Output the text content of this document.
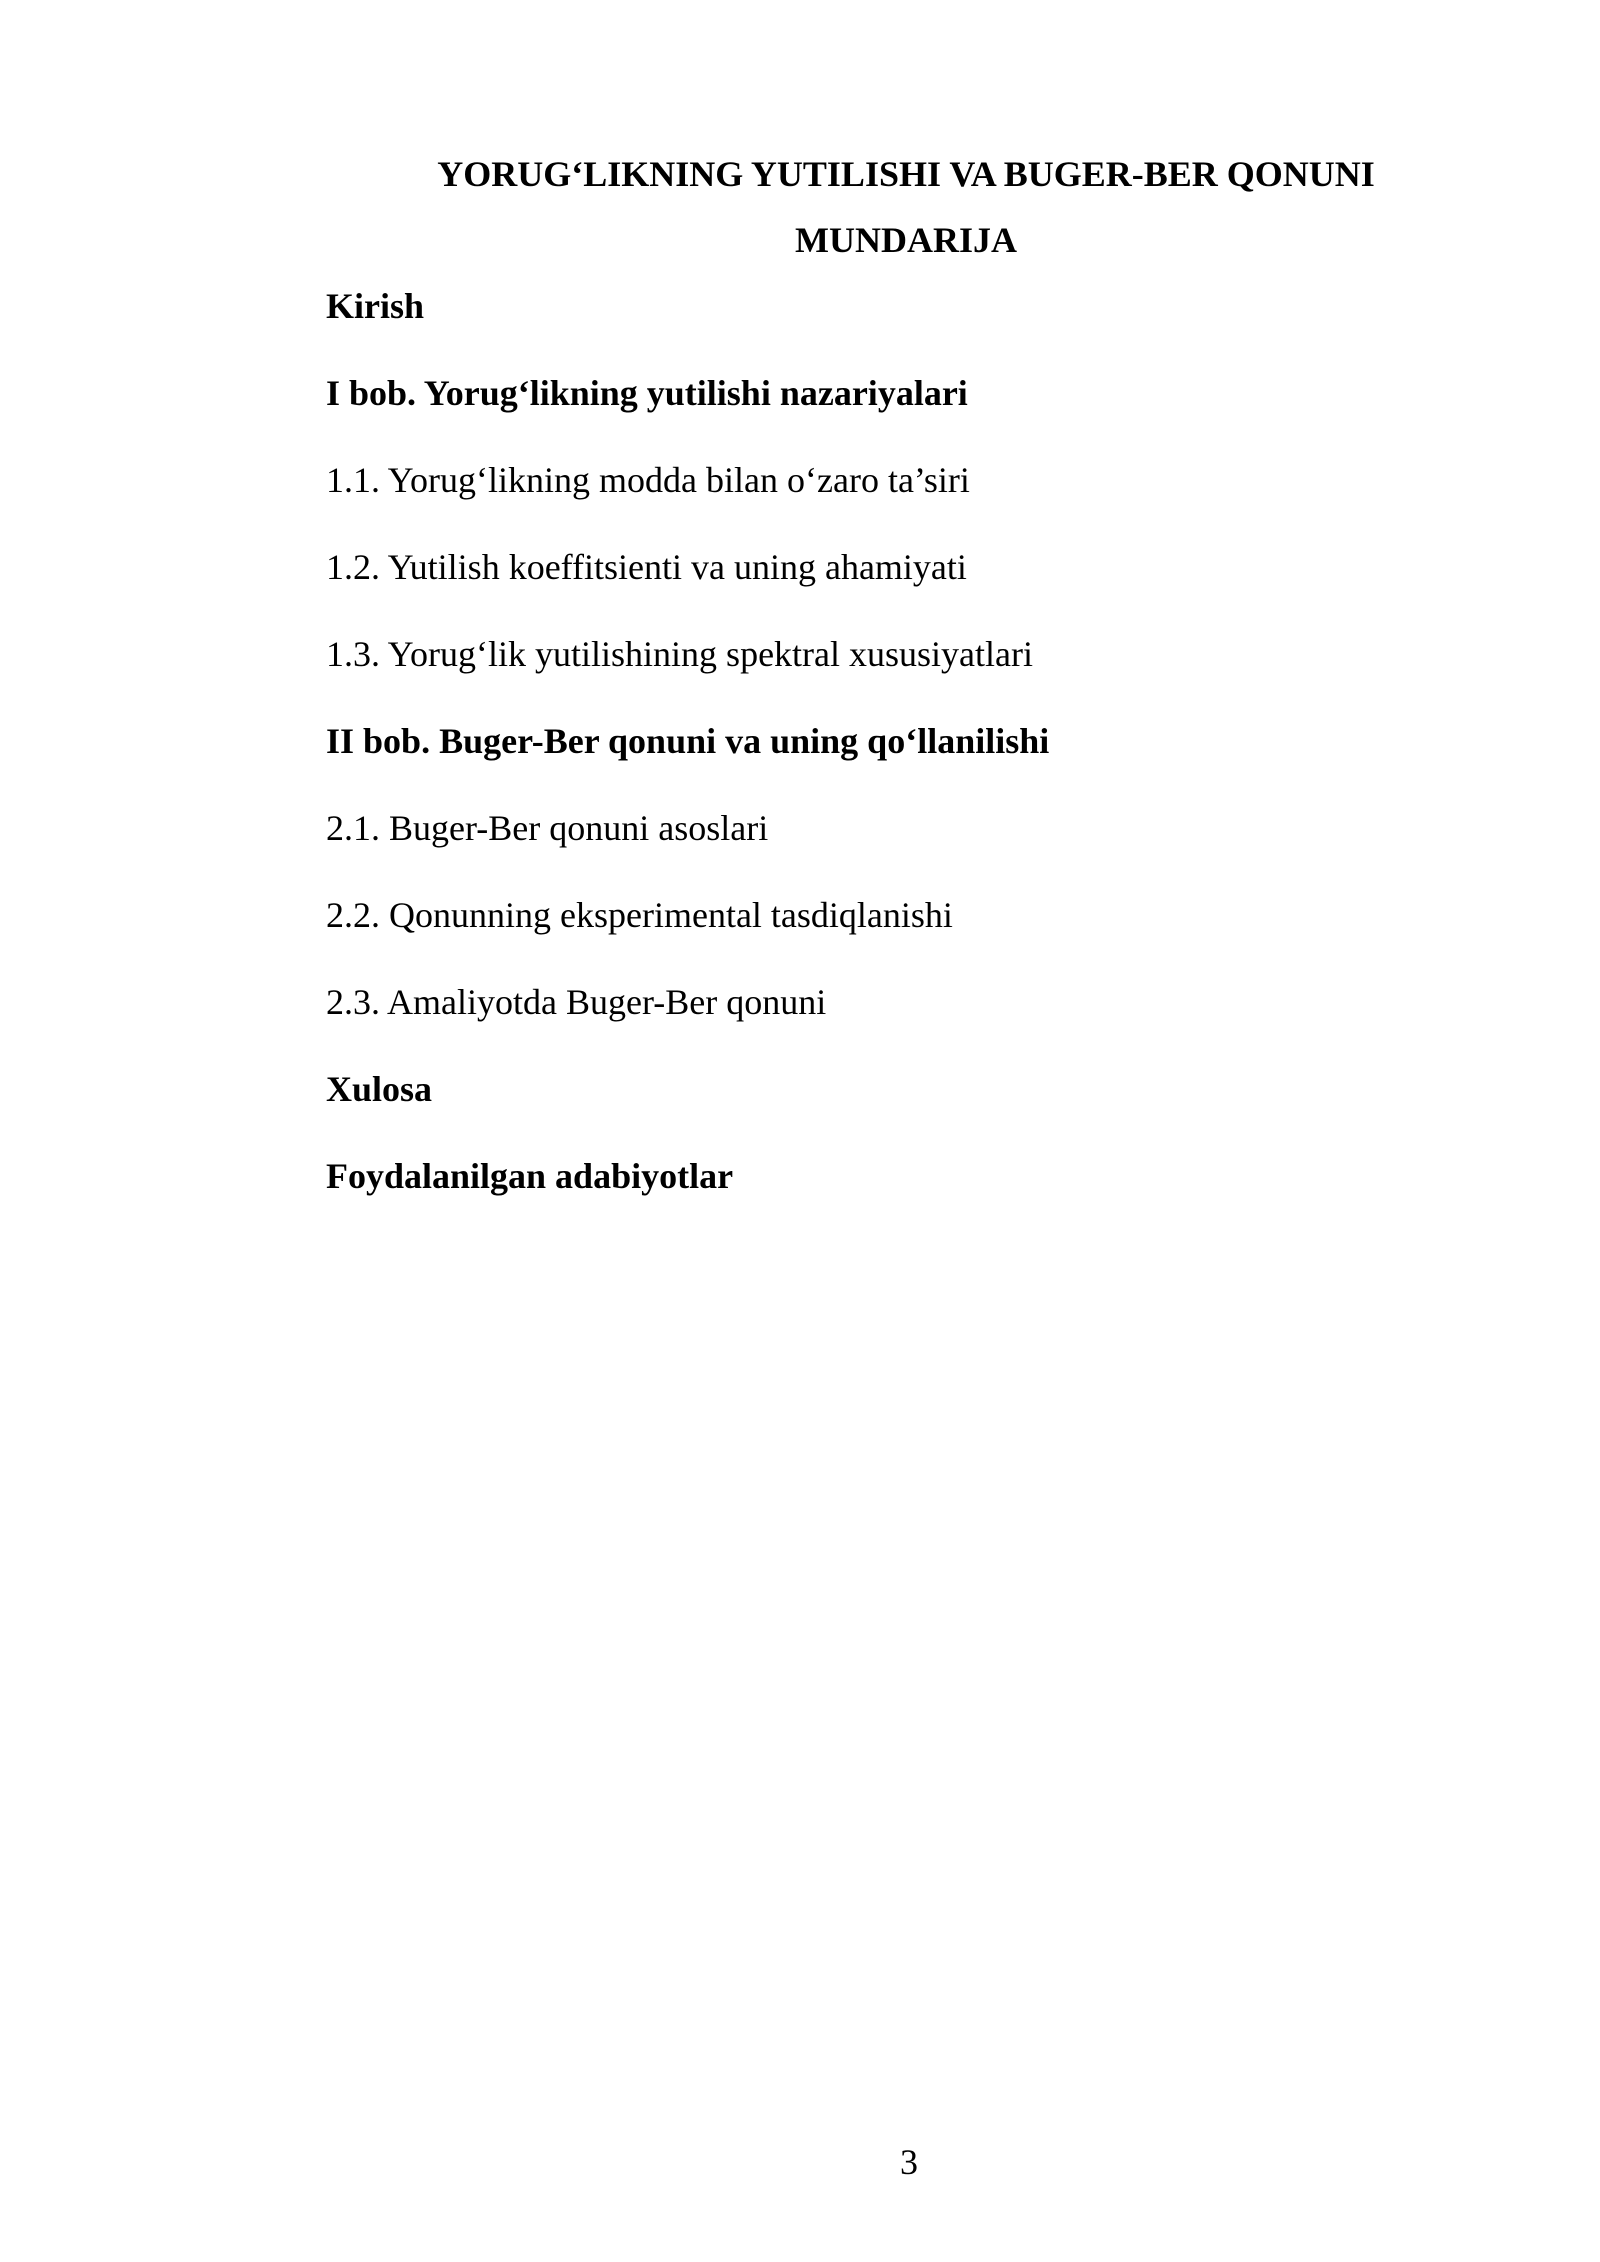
YORUG‘LIKNING YUTILISHI VA BUGER-BER QONUNI
MUNDARIJA
Kirish
I bob. Yorug‘likning yutilishi nazariyalari
1.1. Yorug‘likning modda bilan o‘zaro ta’siri
1.2. Yutilish koeffitsienti va uning ahamiyati
1.3. Yorug‘lik yutilishining spektral xususiyatlari
II bob. Buger-Ber qonuni va uning qo‘llanilishi
2.1. Buger-Ber qonuni asoslari
2.2. Qonunning eksperimental tasdiqlanishi
2.3. Amaliyotda Buger-Ber qonuni
Xulosa
Foydalanilgan adabiyotlar
3
